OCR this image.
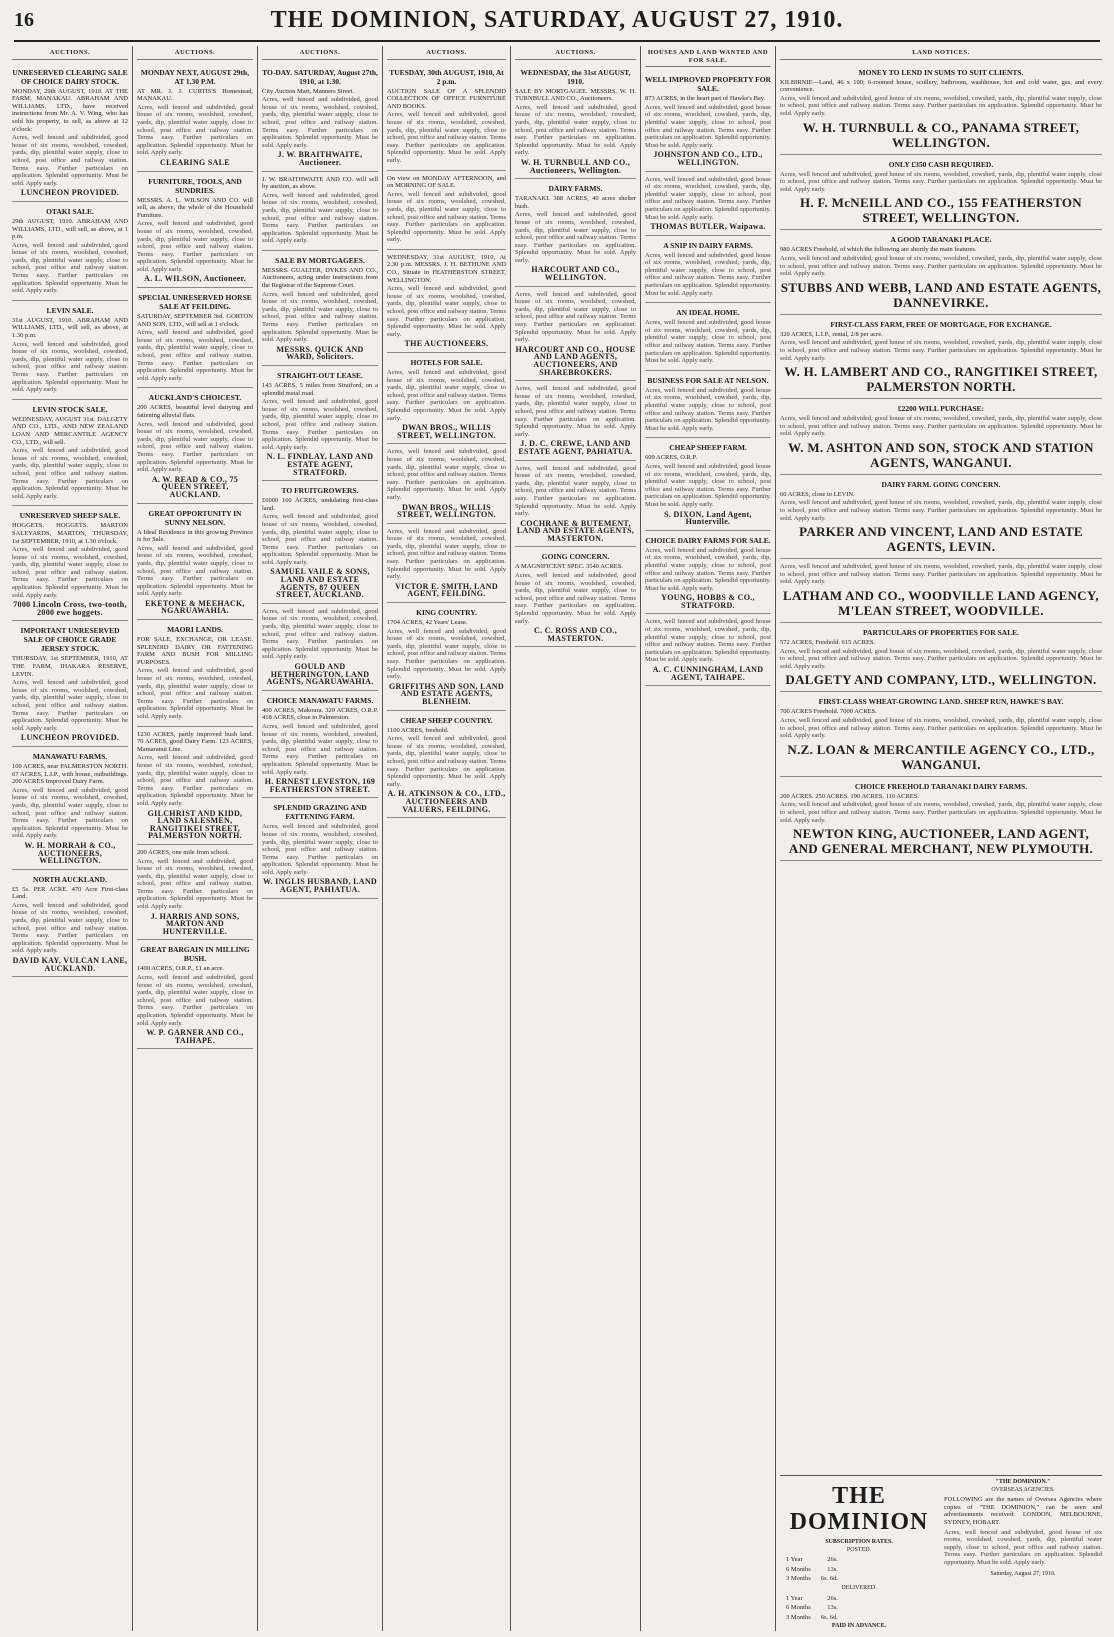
16	THE DOMINION, SATURDAY, AUGUST 27, 1910.
AUCTIONS.
UNRESERVED CLEARING SALE OF CHOICE DAIRY STOCK.

MONDAY, 29th AUGUST, 1910. AT THE FARM, MANAKAU. ABRAHAM AND WILLIAMS, LTD., have received instructions from Mr. A. V. Wing, who has sold his property, to sell, as above at 12 o'clock:

Acres, well fenced and subdivided, good house of six rooms, woolshed, cowshed, yards, dip, plentiful water supply, close to school, post office and railway station. Terms easy. Further particulars on application. Splendid opportunity. Must be sold. Apply early.

LUNCHEON PROVIDED.
OTAKI SALE.

29th AUGUST, 1910. ABRAHAM AND WILLIAMS, LTD., will sell, as above, at 1 p.m.

Acres, well fenced and subdivided, good house of six rooms, woolshed, cowshed, yards, dip, plentiful water supply, close to school, post office and railway station. Terms easy. Further particulars on application. Splendid opportunity. Must be sold. Apply early.

LEVIN SALE.

31st AUGUST, 1910. ABRAHAM AND WILLIAMS, LTD., will sell, as above, at 1.30 p.m.

Acres, well fenced and subdivided, good house of six rooms, woolshed, cowshed, yards, dip, plentiful water supply, close to school, post office and railway station. Terms easy. Further particulars on application. Splendid opportunity. Must be sold. Apply early.

LEVIN STOCK SALE.

WEDNESDAY, AUGUST 31st. DALGETY AND CO., LTD., AND NEW ZEALAND LOAN AND MERCANTILE AGENCY CO., LTD., will sell.

Acres, well fenced and subdivided, good house of six rooms, woolshed, cowshed, yards, dip, plentiful water supply, close to school, post office and railway station. Terms easy. Further particulars on application. Splendid opportunity. Must be sold. Apply early.

UNRESERVED SHEEP SALE.

HOGGETS. HOGGETS. MARTON SALEYARDS, MARTON, THURSDAY, 1st SEPTEMBER, 1910, at 1.30 o'clock.

Acres, well fenced and subdivided, good house of six rooms, woolshed, cowshed, yards, dip, plentiful water supply, close to school, post office and railway station. Terms easy. Further particulars on application. Splendid opportunity. Must be sold. Apply early.

7000 Lincoln Cross, two-tooth, 2000 ewe hoggets.
IMPORTANT UNRESERVED SALE OF CHOICE GRADE JERSEY STOCK.

THURSDAY, 1st SEPTEMBER, 1910, AT THE FARM, IHAKARA RESERVE, LEVIN.

Acres, well fenced and subdivided, good house of six rooms, woolshed, cowshed, yards, dip, plentiful water supply, close to school, post office and railway station. Terms easy. Further particulars on application. Splendid opportunity. Must be sold. Apply early.

LUNCHEON PROVIDED.
MANAWATU FARMS.

100 ACRES, near PALMERSTON NORTH. 67 ACRES, L.I.P., with house, outbuildings. 200 ACRES Improved Dairy Farm.

Acres, well fenced and subdivided, good house of six rooms, woolshed, cowshed, yards, dip, plentiful water supply, close to school, post office and railway station. Terms easy. Further particulars on application. Splendid opportunity. Must be sold. Apply early.

W. H. MORRAH & CO., AUCTIONEERS, WELLINGTON.
NORTH AUCKLAND.

£5 5s. PER ACRE. 470 Acre First-class Land.

Acres, well fenced and subdivided, good house of six rooms, woolshed, cowshed, yards, dip, plentiful water supply, close to school, post office and railway station. Terms easy. Further particulars on application. Splendid opportunity. Must be sold. Apply early.

DAVID KAY, VULCAN LANE, AUCKLAND.
AUCTIONS.
MONDAY NEXT, AUGUST 29th, AT 1.30 P.M.

AT MR. J. J. CURTIS'S Homestead, MANAKAU.

Acres, well fenced and subdivided, good house of six rooms, woolshed, cowshed, yards, dip, plentiful water supply, close to school, post office and railway station. Terms easy. Further particulars on application. Splendid opportunity. Must be sold. Apply early.

CLEARING SALE
FURNITURE, TOOLS, AND SUNDRIES.

MESSRS. A. L. WILSON AND CO. will sell, as above, the whole of the Household Furniture.

Acres, well fenced and subdivided, good house of six rooms, woolshed, cowshed, yards, dip, plentiful water supply, close to school, post office and railway station. Terms easy. Further particulars on application. Splendid opportunity. Must be sold. Apply early.

A. L. WILSON, Auctioneer.
SPECIAL UNRESERVED HORSE SALE AT FEILDING.

SATURDAY, SEPTEMBER 3rd. GORTON AND SON, LTD., will sell at 1 o'clock.

Acres, well fenced and subdivided, good house of six rooms, woolshed, cowshed, yards, dip, plentiful water supply, close to school, post office and railway station. Terms easy. Further particulars on application. Splendid opportunity. Must be sold. Apply early.

AUCKLAND'S CHOICEST.

200 ACRES, beautiful level dairying and fattening alluvial flats.

Acres, well fenced and subdivided, good house of six rooms, woolshed, cowshed, yards, dip, plentiful water supply, close to school, post office and railway station. Terms easy. Further particulars on application. Splendid opportunity. Must be sold. Apply early.

A. W. READ & CO., 75 QUEEN STREET, AUCKLAND.
GREAT OPPORTUNITY IN SUNNY NELSON.

A Ideal Residence in this growing Province is for Sale.

Acres, well fenced and subdivided, good house of six rooms, woolshed, cowshed, yards, dip, plentiful water supply, close to school, post office and railway station. Terms easy. Further particulars on application. Splendid opportunity. Must be sold. Apply early.

EKETONE & MEEHACK, NGARUAWAHIA.
MAORI LANDS.

FOR SALE, EXCHANGE, OR LEASE. SPLENDID DAIRY OR FATTENING FARM AND BUSH FOR MILLING PURPOSES.

Acres, well fenced and subdivided, good house of six rooms, woolshed, cowshed, yards, dip, plentiful water supply, close to school, post office and railway station. Terms easy. Further particulars on application. Splendid opportunity. Must be sold. Apply early.

1230 ACRES, partly improved bush land. 70 ACRES, good Dairy Farm. 123 ACRES, Mamaranui Line.

Acres, well fenced and subdivided, good house of six rooms, woolshed, cowshed, yards, dip, plentiful water supply, close to school, post office and railway station. Terms easy. Further particulars on application. Splendid opportunity. Must be sold. Apply early.

GILCHRIST AND KIDD, LAND SALESMEN, RANGITIKEI STREET, PALMERSTON NORTH.

200 ACRES, one mile from school.

Acres, well fenced and subdivided, good house of six rooms, woolshed, cowshed, yards, dip, plentiful water supply, close to school, post office and railway station. Terms easy. Further particulars on application. Splendid opportunity. Must be sold. Apply early.

J. HARRIS AND SONS, MARTON AND HUNTERVILLE.
GREAT BARGAIN IN MILLING BUSH.

1400 ACRES, O.R.P., £1 an acre.

Acres, well fenced and subdivided, good house of six rooms, woolshed, cowshed, yards, dip, plentiful water supply, close to school, post office and railway station. Terms easy. Further particulars on application. Splendid opportunity. Must be sold. Apply early.

W. P. GARNER AND CO., TAIHAPE.
AUCTIONS.
TO-DAY. SATURDAY, August 27th, 1910, at 1.30.

City Auction Mart, Manners Street.

Acres, well fenced and subdivided, good house of six rooms, woolshed, cowshed, yards, dip, plentiful water supply, close to school, post office and railway station. Terms easy. Further particulars on application. Splendid opportunity. Must be sold. Apply early.

J. W. BRAITHWAITE, Auctioneer.

J. W. BRAITHWAITE AND CO. will sell by auction, as above.

Acres, well fenced and subdivided, good house of six rooms, woolshed, cowshed, yards, dip, plentiful water supply, close to school, post office and railway station. Terms easy. Further particulars on application. Splendid opportunity. Must be sold. Apply early.

SALE BY MORTGAGEES.

MESSRS. GUALTER, DYKES AND CO., Auctioneers, acting under instructions from the Registrar of the Supreme Court.

Acres, well fenced and subdivided, good house of six rooms, woolshed, cowshed, yards, dip, plentiful water supply, close to school, post office and railway station. Terms easy. Further particulars on application. Splendid opportunity. Must be sold. Apply early.

MESSRS. QUICK AND WARD, Solicitors.
STRAIGHT-OUT LEASE.

143 ACRES, 5 miles from Stratford, on a splendid metal road.

Acres, well fenced and subdivided, good house of six rooms, woolshed, cowshed, yards, dip, plentiful water supply, close to school, post office and railway station. Terms easy. Further particulars on application. Splendid opportunity. Must be sold. Apply early.

N. L. FINDLAY, LAND AND ESTATE AGENT, STRATFORD.
TO FRUITGROWERS.

£6000 160 ACRES, undulating first-class land.

Acres, well fenced and subdivided, good house of six rooms, woolshed, cowshed, yards, dip, plentiful water supply, close to school, post office and railway station. Terms easy. Further particulars on application. Splendid opportunity. Must be sold. Apply early.

SAMUEL VAILE & SONS, LAND AND ESTATE AGENTS, 87 QUEEN STREET, AUCKLAND.

Acres, well fenced and subdivided, good house of six rooms, woolshed, cowshed, yards, dip, plentiful water supply, close to school, post office and railway station. Terms easy. Further particulars on application. Splendid opportunity. Must be sold. Apply early.

GOULD AND HETHERINGTON, LAND AGENTS, NGARUAWAHIA.
CHOICE MANAWATU FARMS.

400 ACRES, Makoura. 320 ACRES, O.R.P. 418 ACRES, close to Palmerston.

Acres, well fenced and subdivided, good house of six rooms, woolshed, cowshed, yards, dip, plentiful water supply, close to school, post office and railway station. Terms easy. Further particulars on application. Splendid opportunity. Must be sold. Apply early.

H. ERNEST LEVESTON, 169 FEATHERSTON STREET.
SPLENDID GRAZING AND FATTENING FARM.

Acres, well fenced and subdivided, good house of six rooms, woolshed, cowshed, yards, dip, plentiful water supply, close to school, post office and railway station. Terms easy. Further particulars on application. Splendid opportunity. Must be sold. Apply early.

W. INGLIS HUSBAND, LAND AGENT, PAHIATUA.
AUCTIONS.
TUESDAY, 30th AUGUST, 1910, At 2 p.m.

AUCTION SALE OF A SPLENDID COLLECTION OF OFFICE FURNITURE AND BOOKS.

Acres, well fenced and subdivided, good house of six rooms, woolshed, cowshed, yards, dip, plentiful water supply, close to school, post office and railway station. Terms easy. Further particulars on application. Splendid opportunity. Must be sold. Apply early.

On view on MONDAY AFTERNOON, and on MORNING OF SALE.

Acres, well fenced and subdivided, good house of six rooms, woolshed, cowshed, yards, dip, plentiful water supply, close to school, post office and railway station. Terms easy. Further particulars on application. Splendid opportunity. Must be sold. Apply early.

WEDNESDAY, 31st AUGUST, 1910, At 2.30 p.m. MESSRS. J. H. BETHUNE AND CO., Situate in FEATHERSTON STREET, WELLINGTON.

Acres, well fenced and subdivided, good house of six rooms, woolshed, cowshed, yards, dip, plentiful water supply, close to school, post office and railway station. Terms easy. Further particulars on application. Splendid opportunity. Must be sold. Apply early.

THE AUCTIONEERS.
HOTELS FOR SALE.

Acres, well fenced and subdivided, good house of six rooms, woolshed, cowshed, yards, dip, plentiful water supply, close to school, post office and railway station. Terms easy. Further particulars on application. Splendid opportunity. Must be sold. Apply early.

DWAN BROS., WILLIS STREET, WELLINGTON.

Acres, well fenced and subdivided, good house of six rooms, woolshed, cowshed, yards, dip, plentiful water supply, close to school, post office and railway station. Terms easy. Further particulars on application. Splendid opportunity. Must be sold. Apply early.

DWAN BROS., WILLIS STREET, WELLINGTON.

Acres, well fenced and subdivided, good house of six rooms, woolshed, cowshed, yards, dip, plentiful water supply, close to school, post office and railway station. Terms easy. Further particulars on application. Splendid opportunity. Must be sold. Apply early.

VICTOR E. SMITH, LAND AGENT, FEILDING.
KING COUNTRY.

1704 ACRES, 42 Years' Lease.

Acres, well fenced and subdivided, good house of six rooms, woolshed, cowshed, yards, dip, plentiful water supply, close to school, post office and railway station. Terms easy. Further particulars on application. Splendid opportunity. Must be sold. Apply early.

GRIFFITHS AND SON, LAND AND ESTATE AGENTS, BLENHEIM.
CHEAP SHEEP COUNTRY.

1100 ACRES, freehold.

Acres, well fenced and subdivided, good house of six rooms, woolshed, cowshed, yards, dip, plentiful water supply, close to school, post office and railway station. Terms easy. Further particulars on application. Splendid opportunity. Must be sold. Apply early.

A. H. ATKINSON & CO., LTD., AUCTIONEERS AND VALUERS, FEILDING.
AUCTIONS.
WEDNESDAY, the 31st AUGUST, 1910.

SALE BY MORTGAGEE. MESSRS. W. H. TURNBULL AND CO., Auctioneers.

Acres, well fenced and subdivided, good house of six rooms, woolshed, cowshed, yards, dip, plentiful water supply, close to school, post office and railway station. Terms easy. Further particulars on application. Splendid opportunity. Must be sold. Apply early.

W. H. TURNBULL AND CO., Auctioneers, Wellington.
DAIRY FARMS.

TARANAKI. 388 ACRES, 40 acres shelter bush.

Acres, well fenced and subdivided, good house of six rooms, woolshed, cowshed, yards, dip, plentiful water supply, close to school, post office and railway station. Terms easy. Further particulars on application. Splendid opportunity. Must be sold. Apply early.

HARCOURT AND CO., WELLINGTON.

Acres, well fenced and subdivided, good house of six rooms, woolshed, cowshed, yards, dip, plentiful water supply, close to school, post office and railway station. Terms easy. Further particulars on application. Splendid opportunity. Must be sold. Apply early.

HARCOURT AND CO., HOUSE AND LAND AGENTS, AUCTIONEERS, AND SHAREBROKERS.

Acres, well fenced and subdivided, good house of six rooms, woolshed, cowshed, yards, dip, plentiful water supply, close to school, post office and railway station. Terms easy. Further particulars on application. Splendid opportunity. Must be sold. Apply early.

J. D. C. CREWE, LAND AND ESTATE AGENT, PAHIATUA.

Acres, well fenced and subdivided, good house of six rooms, woolshed, cowshed, yards, dip, plentiful water supply, close to school, post office and railway station. Terms easy. Further particulars on application. Splendid opportunity. Must be sold. Apply early.

COCHRANE & BUTEMENT, LAND AND ESTATE AGENTS, MASTERTON.
GOING CONCERN.

A MAGNIFICENT SPEC. 3540 ACRES.

Acres, well fenced and subdivided, good house of six rooms, woolshed, cowshed, yards, dip, plentiful water supply, close to school, post office and railway station. Terms easy. Further particulars on application. Splendid opportunity. Must be sold. Apply early.

C. C. ROSS AND CO., MASTERTON.
HOUSES AND LAND WANTED AND FOR SALE.
WELL IMPROVED PROPERTY FOR SALE.

873 ACRES, in the heart part of Hawke's Bay.

Acres, well fenced and subdivided, good house of six rooms, woolshed, cowshed, yards, dip, plentiful water supply, close to school, post office and railway station. Terms easy. Further particulars on application. Splendid opportunity. Must be sold. Apply early.

JOHNSTON AND CO., LTD., WELLINGTON.

Acres, well fenced and subdivided, good house of six rooms, woolshed, cowshed, yards, dip, plentiful water supply, close to school, post office and railway station. Terms easy. Further particulars on application. Splendid opportunity. Must be sold. Apply early.

THOMAS BUTLER, Waipawa.
A SNIP IN DAIRY FARMS.

Acres, well fenced and subdivided, good house of six rooms, woolshed, cowshed, yards, dip, plentiful water supply, close to school, post office and railway station. Terms easy. Further particulars on application. Splendid opportunity. Must be sold. Apply early.

AN IDEAL HOME.

Acres, well fenced and subdivided, good house of six rooms, woolshed, cowshed, yards, dip, plentiful water supply, close to school, post office and railway station. Terms easy. Further particulars on application. Splendid opportunity. Must be sold. Apply early.

BUSINESS FOR SALE AT NELSON.

Acres, well fenced and subdivided, good house of six rooms, woolshed, cowshed, yards, dip, plentiful water supply, close to school, post office and railway station. Terms easy. Further particulars on application. Splendid opportunity. Must be sold. Apply early.

CHEAP SHEEP FARM.

609 ACRES, O.R.P.

Acres, well fenced and subdivided, good house of six rooms, woolshed, cowshed, yards, dip, plentiful water supply, close to school, post office and railway station. Terms easy. Further particulars on application. Splendid opportunity. Must be sold. Apply early.

S. DIXON, Land Agent, Hunterville.
CHOICE DAIRY FARMS FOR SALE.

Acres, well fenced and subdivided, good house of six rooms, woolshed, cowshed, yards, dip, plentiful water supply, close to school, post office and railway station. Terms easy. Further particulars on application. Splendid opportunity. Must be sold. Apply early.

YOUNG, HOBBS & CO., STRATFORD.

Acres, well fenced and subdivided, good house of six rooms, woolshed, cowshed, yards, dip, plentiful water supply, close to school, post office and railway station. Terms easy. Further particulars on application. Splendid opportunity. Must be sold. Apply early.

A. C. CUNNINGHAM, LAND AGENT, TAIHAPE.
LAND NOTICES.
MONEY TO LEND IN SUMS TO SUIT CLIENTS.

KILBIRNIE—Land, 46 x 100; 6-roomed house, scullery, bathroom, washhouse, hot and cold water, gas, and every convenience.

Acres, well fenced and subdivided, good house of six rooms, woolshed, cowshed, yards, dip, plentiful water supply, close to school, post office and railway station. Terms easy. Further particulars on application. Splendid opportunity. Must be sold. Apply early.

W. H. TURNBULL & CO., PANAMA STREET, WELLINGTON.
ONLY £350 CASH REQUIRED.

Acres, well fenced and subdivided, good house of six rooms, woolshed, cowshed, yards, dip, plentiful water supply, close to school, post office and railway station. Terms easy. Further particulars on application. Splendid opportunity. Must be sold. Apply early.

H. F. McNEILL AND CO., 155 FEATHERSTON STREET, WELLINGTON.
A GOOD TARANAKI PLACE.

980 ACRES Freehold, of which the following are shortly the main features.

Acres, well fenced and subdivided, good house of six rooms, woolshed, cowshed, yards, dip, plentiful water supply, close to school, post office and railway station. Terms easy. Further particulars on application. Splendid opportunity. Must be sold. Apply early.

STUBBS AND WEBB, LAND AND ESTATE AGENTS, DANNEVIRKE.
FIRST-CLASS FARM, FREE OF MORTGAGE, FOR EXCHANGE.

320 ACRES, L.I.P., rental, 2/8 per acre.

Acres, well fenced and subdivided, good house of six rooms, woolshed, cowshed, yards, dip, plentiful water supply, close to school, post office and railway station. Terms easy. Further particulars on application. Splendid opportunity. Must be sold. Apply early.

W. H. LAMBERT AND CO., RANGITIKEI STREET, PALMERSTON NORTH.
£2200 WILL PURCHASE:

Acres, well fenced and subdivided, good house of six rooms, woolshed, cowshed, yards, dip, plentiful water supply, close to school, post office and railway station. Terms easy. Further particulars on application. Splendid opportunity. Must be sold. Apply early.

W. M. ASHTON AND SON, STOCK AND STATION AGENTS, WANGANUI.
DAIRY FARM. GOING CONCERN.

60 ACRES, close to LEVIN.

Acres, well fenced and subdivided, good house of six rooms, woolshed, cowshed, yards, dip, plentiful water supply, close to school, post office and railway station. Terms easy. Further particulars on application. Splendid opportunity. Must be sold. Apply early.

PARKER AND VINCENT, LAND AND ESTATE AGENTS, LEVIN.

Acres, well fenced and subdivided, good house of six rooms, woolshed, cowshed, yards, dip, plentiful water supply, close to school, post office and railway station. Terms easy. Further particulars on application. Splendid opportunity. Must be sold. Apply early.

LATHAM AND CO., WOODVILLE LAND AGENCY, M'LEAN STREET, WOODVILLE.
PARTICULARS OF PROPERTIES FOR SALE.

572 ACRES, Freehold. 615 ACRES.

Acres, well fenced and subdivided, good house of six rooms, woolshed, cowshed, yards, dip, plentiful water supply, close to school, post office and railway station. Terms easy. Further particulars on application. Splendid opportunity. Must be sold. Apply early.

DALGETY AND COMPANY, LTD., WELLINGTON.
FIRST-CLASS WHEAT-GROWING LAND. SHEEP RUN, HAWKE'S BAY.

700 ACRES Freehold. 7000 ACRES.

Acres, well fenced and subdivided, good house of six rooms, woolshed, cowshed, yards, dip, plentiful water supply, close to school, post office and railway station. Terms easy. Further particulars on application. Splendid opportunity. Must be sold. Apply early.

N.Z. LOAN & MERCANTILE AGENCY CO., LTD., WANGANUI.
CHOICE FREEHOLD TARANAKI DAIRY FARMS.

200 ACRES. 250 ACRES. 190 ACRES. 110 ACRES.

Acres, well fenced and subdivided, good house of six rooms, woolshed, cowshed, yards, dip, plentiful water supply, close to school, post office and railway station. Terms easy. Further particulars on application. Splendid opportunity. Must be sold. Apply early.

NEWTON KING, AUCTIONEER, LAND AGENT, AND GENERAL MERCHANT, NEW PLYMOUTH.
THE DOMINION
SUBSCRIPTION RATES.
POSTED.
1 Year	26s.
6 Months	13s.
3 Months	6s. 6d.
DELIVERED.
1 Year	26s.
6 Months	13s.
3 Months	6s. 6d.
PAID IN ADVANCE.
"THE DOMINION."
OVERSEAS AGENCIES.

FOLLOWING are the names of Oversea Agencies where copies of "THE DOMINION," can be seen and advertisements received: LONDON, MELBOURNE, SYDNEY, HOBART.

Acres, well fenced and subdivided, good house of six rooms, woolshed, cowshed, yards, dip, plentiful water supply, close to school, post office and railway station. Terms easy. Further particulars on application. Splendid opportunity. Must be sold. Apply early.

Saturday, August 27, 1910.
